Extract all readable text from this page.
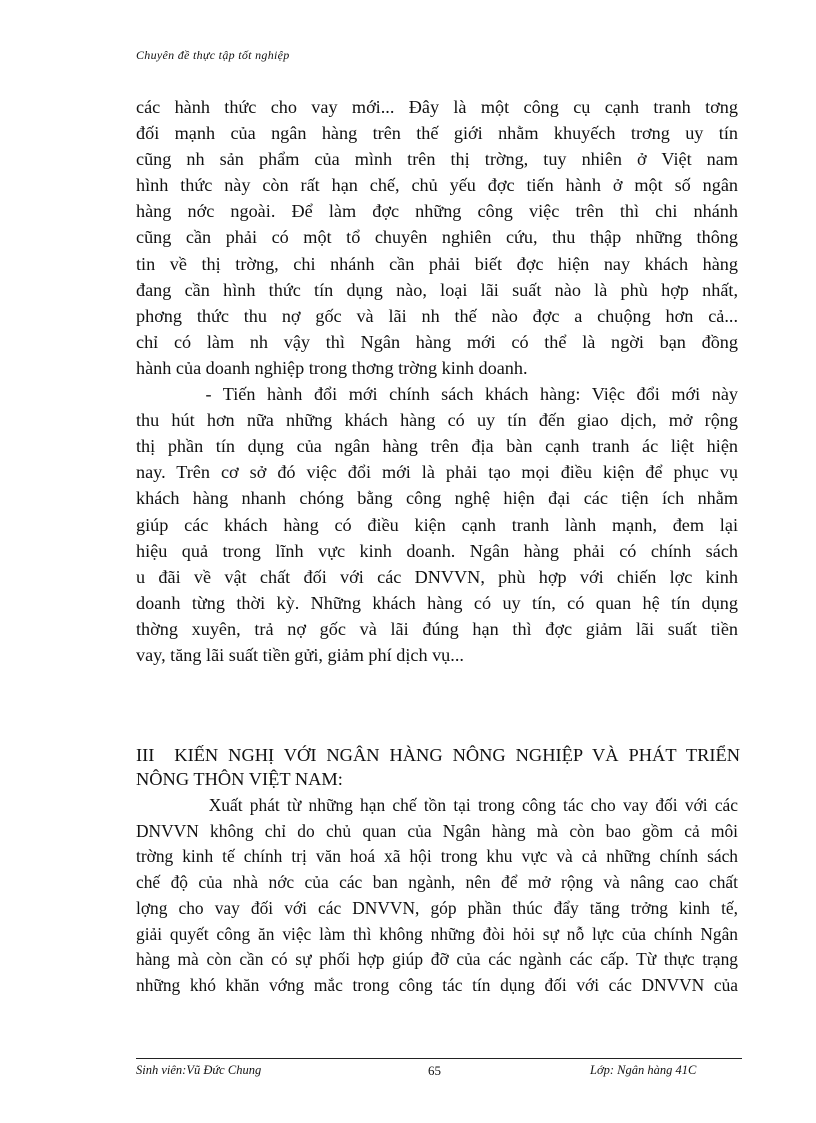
Chuyên đề thực tập tốt nghiệp
các hành thức cho vay mới... Đây là một công cụ cạnh tranh tơng
đối mạnh của ngân hàng trên thế giới nhằm khuyếch trơng uy tín
cũng nh sản phẩm của mình trên thị trờng, tuy nhiên ở Việt nam
hình thức này còn rất hạn chế, chủ yếu đợc tiến hành ở một số ngân
hàng nớc ngoài. Để làm đợc những công việc trên thì chi nhánh
cũng cần phải có một tổ chuyên nghiên cứu, thu thập những thông
tin về thị trờng, chi nhánh cần phải biết đợc hiện nay khách hàng
đang cần hình thức tín dụng nào, loại lãi suất nào là phù hợp nhất,
phơng thức thu nợ gốc và lãi nh thế nào đợc a chuộng hơn cả...
chỉ có làm nh vậy thì Ngân hàng mới có thể là ngời bạn đồng
hành của doanh nghiệp trong thơng trờng kinh doanh.
- Tiến hành đổi mới chính sách khách hàng: Việc đổi mới này
thu hút hơn nữa những khách hàng có uy tín đến giao dịch, mở rộng
thị phần tín dụng của ngân hàng trên địa bàn cạnh tranh ác liệt hiện
nay. Trên cơ sở đó việc đổi mới là phải tạo mọi điều kiện để phục vụ
khách hàng nhanh chóng bằng công nghệ hiện đại các tiện ích nhằm
giúp các khách hàng có điều kiện cạnh tranh lành mạnh, đem lại
hiệu quả trong lĩnh vực kinh doanh. Ngân hàng phải có chính sách
u đãi về vật chất đối với các DNVVN, phù hợp với chiến lợc kinh
doanh từng thời kỳ. Những khách hàng có uy tín, có quan hệ tín dụng
thờng xuyên, trả nợ gốc và lãi đúng hạn thì đợc giảm lãi suất tiền
vay, tăng lãi suất tiền gửi, giảm phí dịch vụ...
III  KIẾN NGHỊ VỚI NGÂN HÀNG NÔNG NGHIỆP VÀ PHÁT TRIỂN
NÔNG THÔN VIỆT NAM:
Xuất phát từ những hạn chế tồn tại trong công tác cho vay đối với các
DNVVN không chỉ do chủ quan của Ngân hàng mà còn bao gồm cả môi
trờng kinh tế chính trị văn hoá xã hội trong khu vực và cả những chính sách
chế độ của nhà nớc của các ban ngành, nên để mở rộng và nâng cao chất
lợng cho vay đối với các DNVVN, góp phần thúc đẩy tăng trởng kinh tế,
giải quyết công ăn việc làm thì không những đòi hỏi sự nỗ lực của chính Ngân
hàng mà còn cần có sự phối hợp giúp đỡ của các ngành các cấp. Từ thực trạng
những khó khăn vớng mắc trong công tác tín dụng đối với các DNVVN của
Sinh viên:Vũ Đức Chung	65	Lớp: Ngân hàng 41C
